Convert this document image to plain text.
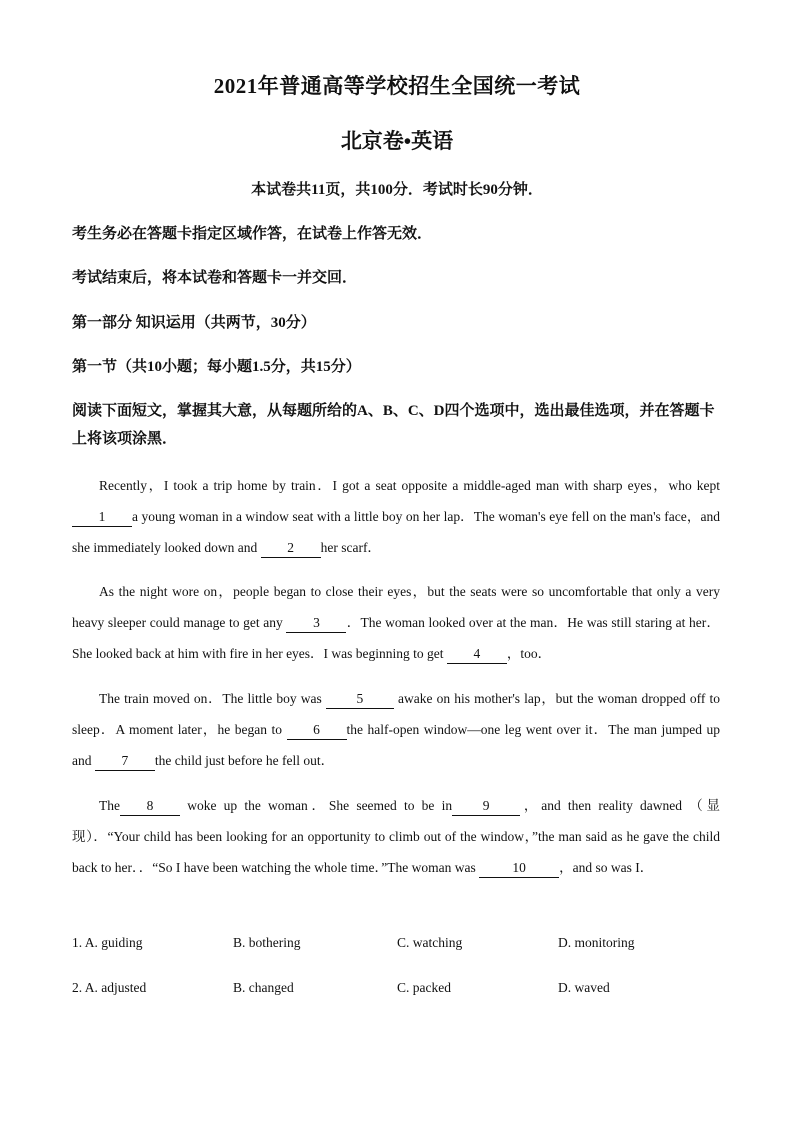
2021年普通高等学校招生全国统一考试
北京卷•英语
本试卷共11页，共100分．考试时长90分钟．
考生务必在答题卡指定区域作答，在试卷上作答无效．
考试结束后，将本试卷和答题卡一并交回．
第一部分 知识运用（共两节，30分）
第一节（共10小题；每小题1.5分，共15分）
阅读下面短文，掌握其大意，从每题所给的A、B、C、D四个选项中，选出最佳选项，并在答题卡上将该项涂黑．
Recently，I took a trip home by train．I got a seat opposite a middle-aged man with sharp eyes，who kept 1 a young woman in a window seat with a little boy on her lap．The woman's eye fell on the man's face，and she immediately looked down and 2 her scarf．
As the night wore on，people began to close their eyes，but the seats were so uncomfortable that only a very heavy sleeper could manage to get any 3 ．The woman looked over at the man．He was still staring at her．She looked back at him with fire in her eyes．I was beginning to get 4 ，too．
The train moved on．The little boy was	5	awake on his mother's lap，but the woman dropped off to sleep．A moment later，he began to 6 the half-open window—one leg went over it．The man jumped up and 7 the child just before he fell out．
The 8	woke up the woman．She seemed to be in 9 ，and then reality dawned （显现）．“Your child has been looking for an opportunity to climb out of the window，”the man said as he gave the child back to her．．“So I have been watching the whole time．”The woman was	10 ，and so was I．
1. A. guiding	B. bothering	C. watching	D. monitoring
2. A. adjusted	B. changed	C. packed	D. waved
